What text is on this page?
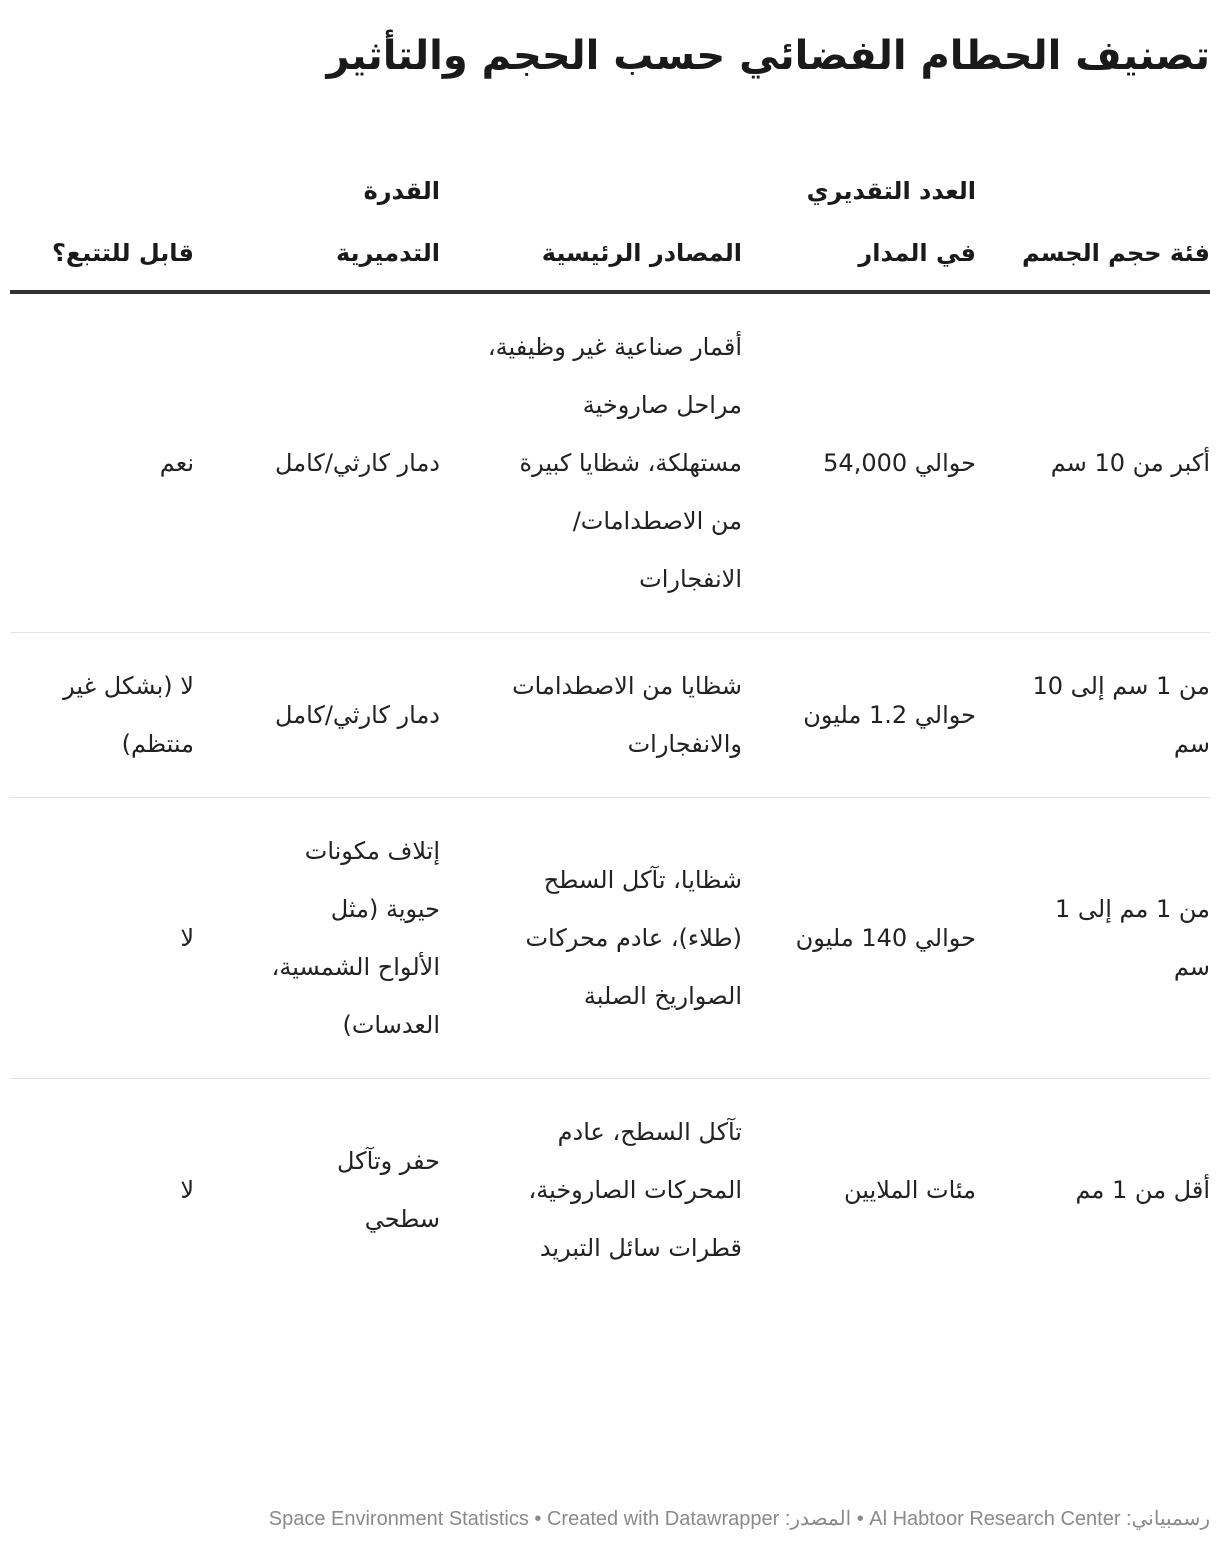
تصنيف الحطام الفضائي حسب الحجم والتأثير
فئة حجم الجسم	العدد التقديري في المدار	المصادر الرئيسية	القدرة التدميرية	قابل للتتبع؟

أكبر من 10 سم	حوالي 54,000	أقمار صناعية غير وظيفية، مراحل صاروخية مستهلكة، شظايا كبيرة من الاصطدامات/ الانفجارات	دمار كارثي/كامل	نعم

من 1 سم إلى 10 سم	حوالي 1.2 مليون	شظايا من الاصطدامات والانفجارات	دمار كارثي/كامل	لا (بشكل غير منتظم)

من 1 مم إلى 1 سم	حوالي 140 مليون	شظايا، تآكل السطح (طلاء)، عادم محركات الصواريخ الصلبة	إتلاف مكونات حيوية (مثل الألواح الشمسية، العدسات)	لا

أقل من 1 مم	مئات الملايين	تآكل السطح، عادم المحركات الصاروخية، قطرات سائل التبريد	حفر وتآكل سطحي	لا
رسمبياني: Al Habtoor Research Center • المصدر: Space Environment Statistics • Created with Datawrapper
